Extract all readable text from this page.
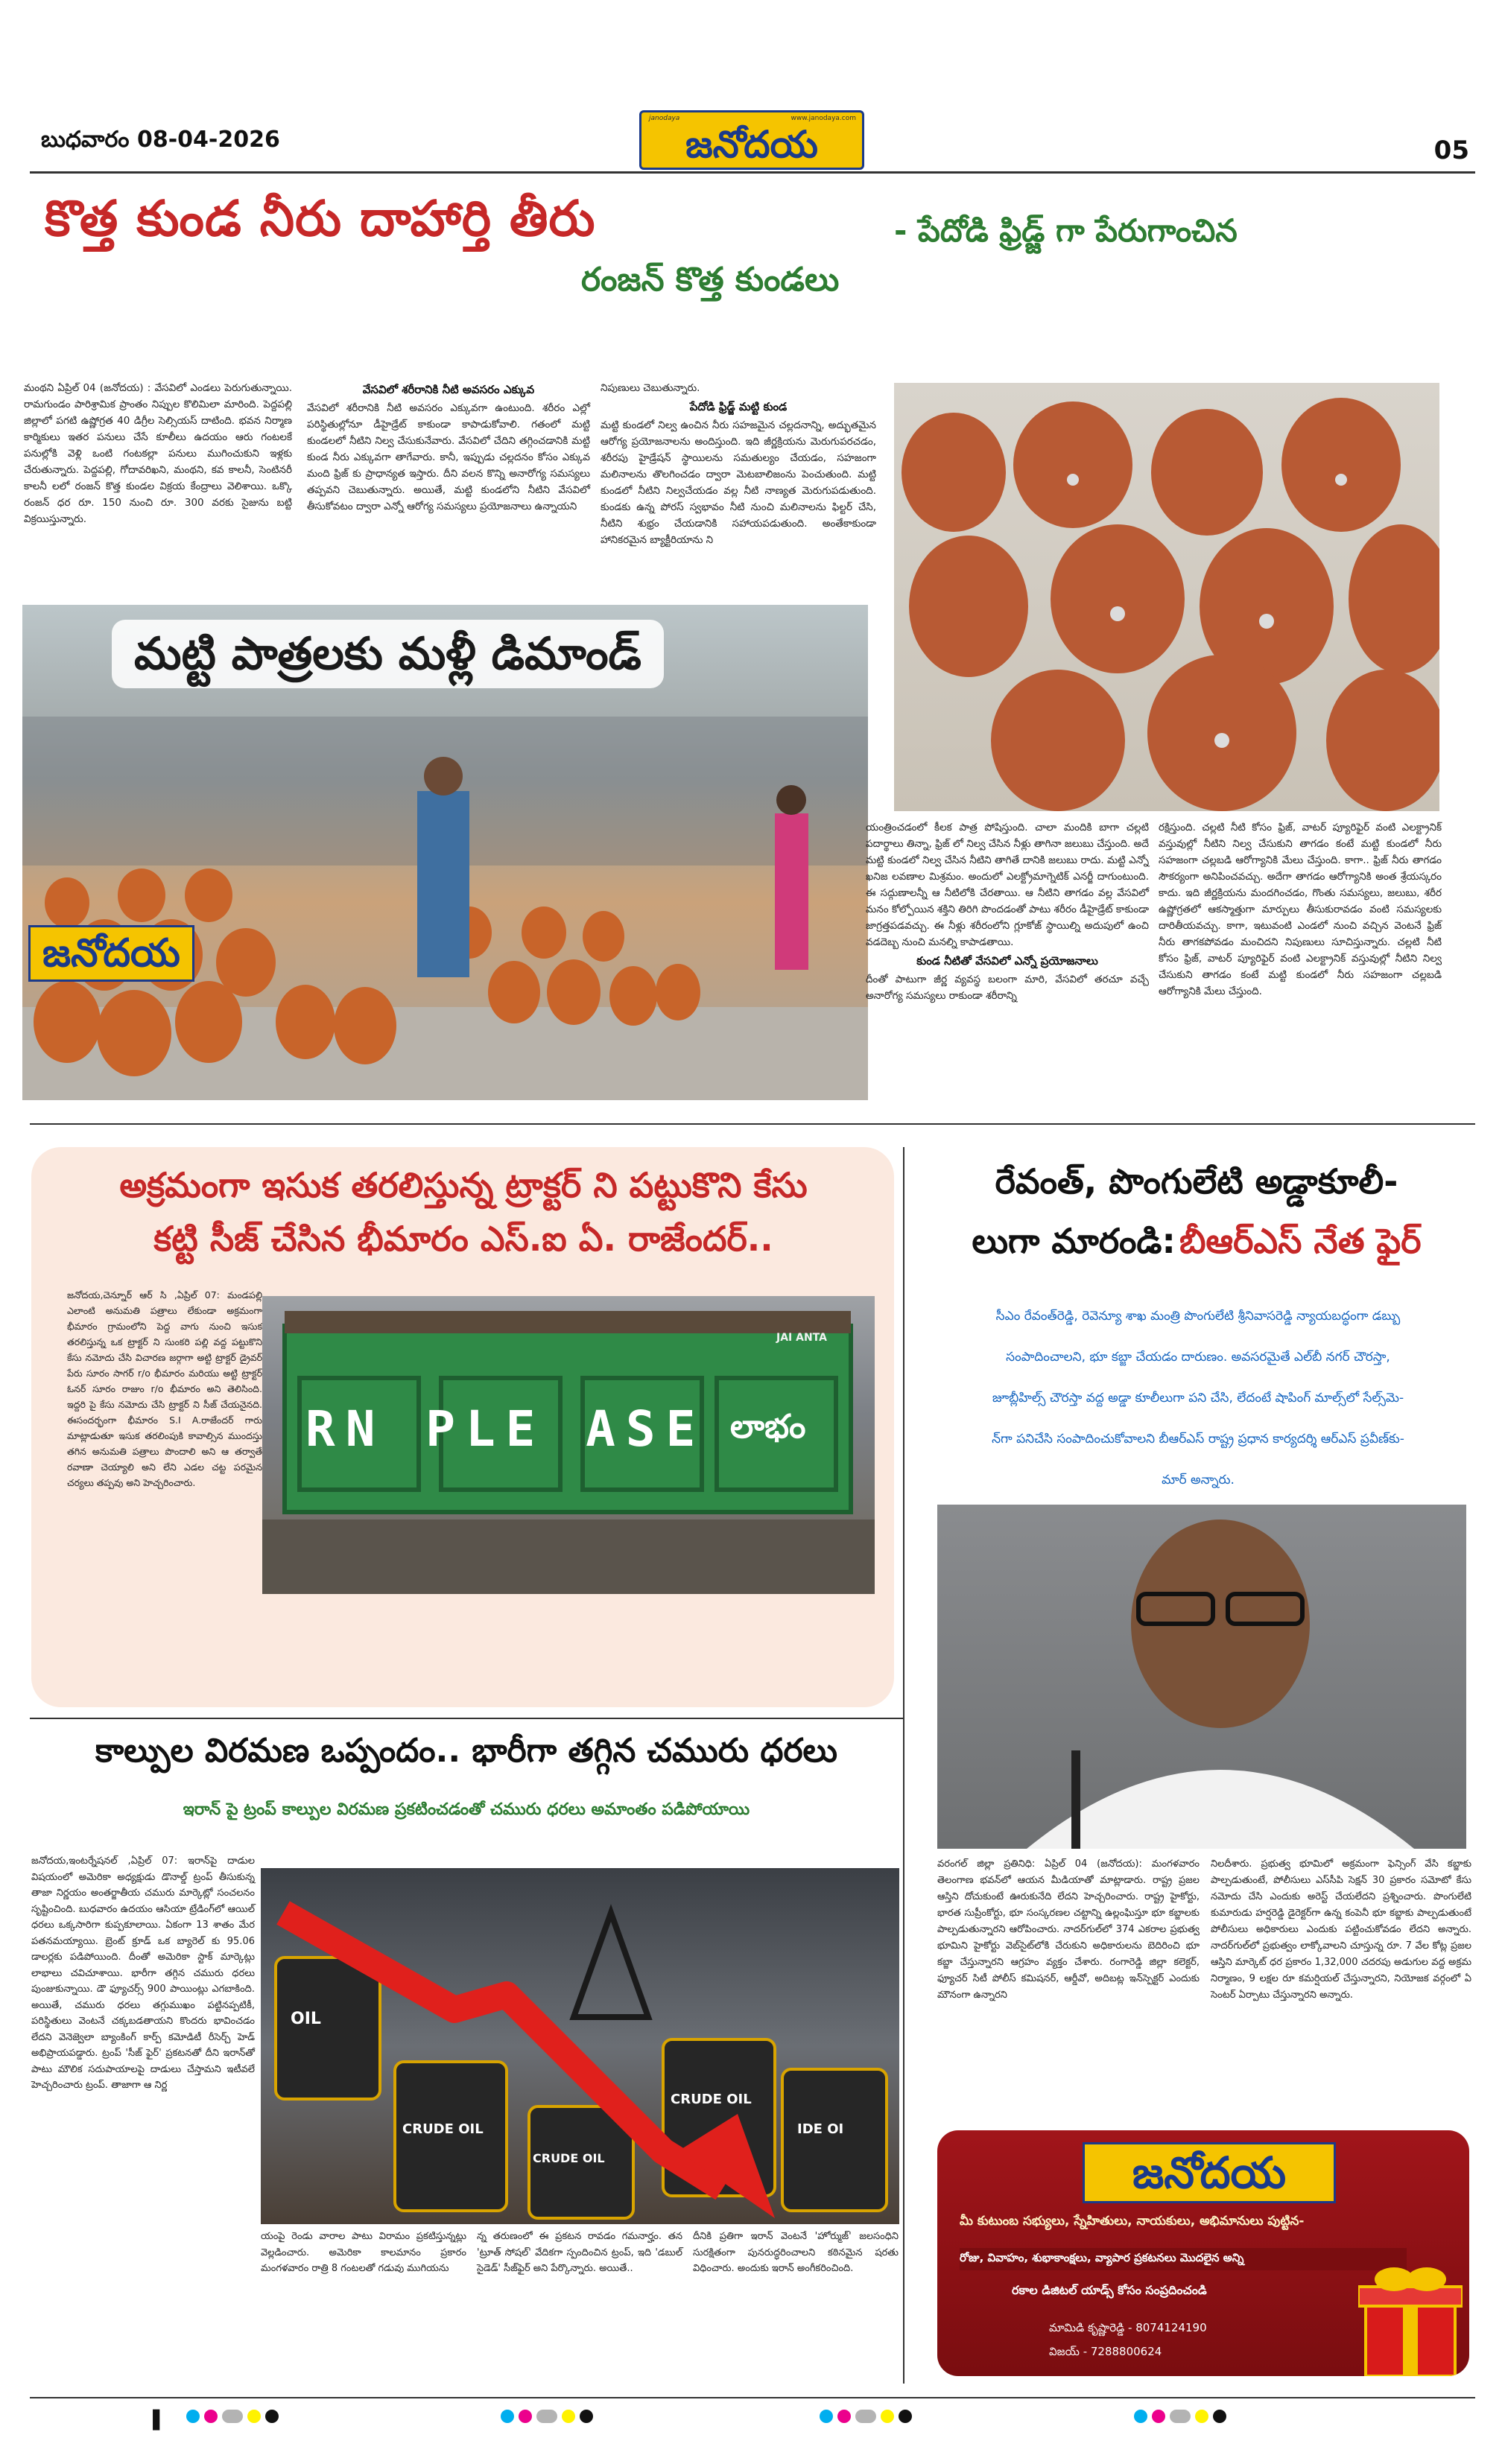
బుధవారం 08-04-2026
www.janodaya.com
janodaya
జనోదయ	05
కొత్త కుండ నీరు దాహార్తి తీరు	- పేదోడి ఫ్రిడ్జ్ గా పేరుగాంచిన
రంజన్ కొత్త కుండలు

మంథని ఏప్రిల్ 04 (జనోదయ) : వేసవిలో ఎండలు పెరుగుతున్నాయి. రామగుండం పారిశ్రామిక ప్రాంతం నిప్పుల కొలిమిలా మారింది. పెద్దపల్లి జిల్లాలో పగటి ఉష్ణోగ్రత 40 డిగ్రీల సెల్సియస్ దాటింది. భవన నిర్మాణ కార్మికులు ఇతర పనులు చేసే కూలీలు ఉదయం ఆరు గంటలకే పనుల్లోకి వెళ్లి ఒంటి గంటకల్లా పనులు ముగించుకుని ఇళ్లకు చేరుతున్నారు. పెద్దపల్లి, గోదావరిఖని, మంథని, కవ కాలనీ, సెంటినరీ కాలనీ లలో రంజన్ కొత్త కుండల విక్రయ కేంద్రాలు వెలిశాయి. ఒక్కొ రంజన్ ధర రూ. 150 నుంచి రూ. 300 వరకు సైజును బట్టి విక్రయిస్తున్నారు.

వేసవిలో శరీరానికి నీటి అవసరం ఎక్కువ

వేసవిలో శరీరానికి నీటి అవసరం ఎక్కువగా ఉంటుంది. శరీరం ఎల్లో పరిస్థితుల్లోనూ డీహైడ్రేట్ కాకుండా కాపాడుకోవాలి. గతంలో మట్టి కుండలలో నీటిని నిల్వ చేసుకునేవారు. వేసవిలో చేదిని తగ్గించడానికి మట్టి కుండ నీరు ఎక్కువగా తాగేవారు. కానీ, ఇప్పుడు చల్లదనం కోసం ఎక్కువ మంది ఫ్రిజ్ కు ప్రాధాన్యత ఇస్తారు. దీని వలన కొన్ని అనారోగ్య సమస్యలు తప్పవని చెబుతున్నారు. అయితే, మట్టి కుండలోని నీటిని వేసవిలో తీసుకోవటం ద్వారా ఎన్నో ఆరోగ్య సమస్యలు ప్రయోజనాలు ఉన్నాయని

నిపుణులు చెబుతున్నారు.

పేదోడి ఫ్రిడ్జ్ మట్టి కుండ

మట్టి కుండలో నిల్వ ఉంచిన నీరు సహజమైన చల్లదనాన్ని, అద్భుతమైన ఆరోగ్య ప్రయోజనాలను అందిస్తుంది. ఇది జీర్ణక్రియను మెరుగుపరచడం, శరీరపు హైడ్రేషన్ స్థాయిలను సమతుల్యం చేయడం, సహజంగా మలినాలను తొలగించడం ద్వారా మెటబాలిజంను పెంచుతుంది. మట్టి కుండలో నీటిని నిల్వచేయడం వల్ల నీటి నాణ్యత మెరుగుపడుతుంది. కుండకు ఉన్న పోరస్ స్వభావం నీటి నుంచి మలినాలను ఫిల్టర్ చేసి, నీటిని శుభ్రం చేయడానికి సహాయపడుతుంది. అంతేకాకుండా హానికరమైన బ్యాక్టీరియాను ని

మట్టి పాత్రలకు మళ్లీ డిమాండ్
జనోదయ

యంత్రించడంలో కీలక పాత్ర పోషిస్తుంది. చాలా మందికి బాగా చల్లటి పదార్థాలు తిన్నా, ఫ్రిజ్ లో నిల్వ చేసిన నీళ్లు తాగినా జలుబు చేస్తుంది. అదే మట్టి కుండలో నిల్వ చేసిన నీటిని తాగితే దానికి జలుబు రాదు. మట్టి ఎన్నో ఖనిజ లవణాల మిశ్రమం. అందులో ఎలక్ట్రోమాగ్నెటిక్ ఎనర్జీ దాగుంటుంది. ఈ సద్గుణాలన్నీ ఆ నీటిలోకి చేరతాయి. ఆ నీటిని తాగడం వల్ల వేసవిలో మనం కోల్పోయిన శక్తిని తిరిగి పొందడంతో పాటు శరీరం డీహైడ్రేట్ కాకుండా జాగ్రత్తపడవచ్చు. ఈ నీళ్లు శరీరంలోని గ్లూకోజ్ స్థాయిల్ని అదుపులో ఉంచి వడదెబ్బ నుంచి మనల్ని కాపాడతాయి.

కుండ నీటితో వేసవిలో ఎన్నో ప్రయోజనాలు

దీంతో పాటుగా జీర్ణ వ్యవస్థ బలంగా మారి, వేసవిలో తరచూ వచ్చే అనారోగ్య సమస్యలు రాకుండా శరీరాన్ని

రక్షిస్తుంది. చల్లటి నీటి కోసం ఫ్రిజ్, వాటర్ ప్యూరిఫైర్ వంటి ఎలక్ట్రానిక్ వస్తువుల్లో నీటిని నిల్వ చేసుకుని తాగడం కంటే మట్టి కుండలో నీరు సహజంగా చల్లబడి ఆరోగ్యానికి మేలు చేస్తుంది. కాగా.. ఫ్రిజ్ నీరు తాగడం సౌకర్యంగా అనిపించవచ్చు. అదేగా తాగడం ఆరోగ్యానికి అంత శ్రేయస్కరం కాదు. ఇది జీర్ణక్రియను మందగించడం, గొంతు సమస్యలు, జలుబు, శరీర ఉష్ణోగ్రతలో ఆకస్మాత్తుగా మార్పులు తీసుకురావడం వంటి సమస్యలకు దారితీయవచ్చు. కాగా, ఇటువంటి ఎండలో నుంచి వచ్చిన వెంటనే ఫ్రిజ్ నీరు తాగకపోవడం మంచిదని నిపుణులు సూచిస్తున్నారు. చల్లటి నీటి కోసం ఫ్రిజ్, వాటర్ ప్యూరిఫైర్ వంటి ఎలక్ట్రానిక్ వస్తువుల్లో నీటిని నిల్వ చేసుకుని తాగడం కంటే మట్టి కుండలో నీరు సహజంగా చల్లబడి ఆరోగ్యానికి మేలు చేస్తుంది.

అక్రమంగా ఇసుక తరలిస్తున్న ట్రాక్టర్ ని పట్టుకొని కేసు
కట్టి సీజ్ చేసిన భీమారం ఎస్.ఐ ఏ. రాజేందర్..
జనోదయ,చెన్నూర్ ఆర్ సి ,ఏప్రిల్ 07: మండపల్లి ఎలాంటి అనుమతి పత్రాలు లేకుండా అక్రమంగా భీమారం గ్రామంలోని పెద్ద వాగు నుంచి ఇసుక తరలిస్తున్న ఒక ట్రాక్టర్ ని సుంకరి పల్లి వద్ద పట్టుకొని కేసు నమోదు చేసి విచారణ జర్గాగా అట్టి ట్రాక్టర్ డ్రైవర్ పేరు సూరం సాగర్ r/o భీమారం మరియు అట్టి ట్రాక్టర్ ఓనర్ సూరం రాజుం r/o భీమారం అని తెలిసింది. ఇద్దరి పై కేసు నమోదు చేసి ట్రాక్టర్ ని సీజ్ చేయనైనది. ఈసందర్భంగా భీమారం S.I A.రాజేందర్ గారు మాట్లాడుతూ ఇసుక తరలింపుకి కావాల్సిన ముందస్తు తగిన అనుమతి పత్రాలు పొందాలి అని ఆ తర్వాతే రవాణా చెయ్యాలి అని లేని ఎడల చట్ట పరమైన చర్యలు తప్పవు అని హెచ్చరించారు.
JAI ANTA
RN PLE ASE లాభం
రేవంత్, పొంగులేటి అడ్డాకూలీ-
లుగా మారండి: బీఆర్ఎస్ నేత ఫైర్
సీఎం రేవంత్‌రెడ్డి, రెవెన్యూ శాఖ మంత్రి పొంగులేటి శ్రీనివాసరెడ్డి న్యాయబద్ధంగా డబ్బు
సంపాదించాలని, భూ కబ్జా చేయడం దారుణం. అవసరమైతే ఎల్‌బీ నగర్ చౌరస్తా,
జూబ్లీహిల్స్ చౌరస్తా వద్ద అడ్డా కూలీలుగా పని చేసి, లేదంటే షాపింగ్ మాల్స్‌లో సేల్స్‌మె-
న్‌గా పనిచేసి సంపాదించుకోవాలని బీఆర్ఎస్ రాష్ట్ర ప్రధాన కార్యదర్శి ఆర్ఎస్ ప్రవీణ్‌కు-
మార్ అన్నారు.
వరంగల్ జిల్లా ప్రతినిధి: ఏప్రిల్ 04 (జనోదయ): మంగళవారం తెలంగాణ భవన్‌లో ఆయన మీడియాతో మాట్లాడారు. రాష్ట్ర ప్రజల ఆస్తిని దోచుకుంటే ఊరుకునేది లేదని హెచ్చరించారు. రాష్ట్ర హైకోర్టు, భారత సుప్రీంకోర్టు, భూ సంస్కరణల చట్టాన్ని ఉల్లంఘిస్తూ భూ కబ్జాలకు పాల్పడుతున్నారని ఆరోపించారు. నాదర్‌గుల్‌లో 374 ఎకరాల ప్రభుత్వ భూమిని హైకోర్టు వెబ్‌సైట్‌లోకి చేరుకుని అధికారులను బెదిరించి భూ కబ్జా చేస్తున్నారని ఆగ్రహం వ్యక్తం చేశారు. రంగారెడ్డి జిల్లా కలెక్టర్, ఫ్యూచర్ సిటీ పోలీస్ కమిషనర్, ఆర్డీవో, అదిబట్ల ఇన్‌స్పెక్టర్ ఎందుకు మౌనంగా ఉన్నారని
నిలదీశారు. ప్రభుత్వ భూమిలో అక్రమంగా ఫెన్సింగ్ వేసి కబ్జాకు పాల్పడుతుంటే, పోలీసులు ఎస్‌సీపి సెక్షన్ 30 ప్రకారం సమోటో కేసు నమోదు చేసి ఎందుకు అరెస్ట్ చేయలేదని ప్రశ్నించారు. పొంగులేటి కుమారుడు హర్షరెడ్డి డైరెక్టర్‌గా ఉన్న కంపెనీ భూ కబ్జాకు పాల్పడుతుంటే పోలీసులు అధికారులు ఎందుకు పట్టించుకోవడం లేదని అన్నారు. నాదర్‌గుల్‌లో ప్రభుత్వం లాక్కోవాలని చూస్తున్న రూ. 7 వేల కోట్ల ప్రజల ఆస్తిని మార్కెట్ ధర ప్రకారం 1,32,000 చదరపు అడుగుల వద్ద అక్రమ నిర్మాణం, 9 లక్షల రూ కమర్షియల్ చేస్తున్నారని, నియోజక వర్గంలో ఏ సెంటర్ ఏర్పాటు చేస్తున్నారని అన్నారు.
జనోదయ
మీ కుటుంబ సభ్యులు, స్నేహితులు, నాయకులు, అభిమానులు పుట్టిన-
రోజు, వివాహం, శుభాకాంక్షలు, వ్యాపార ప్రకటనలు మొదలైన అన్ని
రకాల డిజిటల్ యాడ్స్ కోసం సంప్రదించండి
మామిడి కృష్ణారెడ్డి - 8074124190
విజయ్ - 7288800624
కాల్పుల విరమణ ఒప్పందం.. భారీగా తగ్గిన చమురు ధరలు
ఇరాన్ పై ట్రంప్ కాల్పుల విరమణ ప్రకటించడంతో చమురు ధరలు అమాంతం పడిపోయాయి
జనోదయ,ఇంటర్నేషనల్ ,ఏప్రిల్ 07: ఇరాన్‌పై దాడుల విషయంలో అమెరికా అధ్యక్షుడు డొనాల్డ్ ట్రంప్ తీసుకున్న తాజా నిర్ణయం అంతర్జాతీయ చమురు మార్కెట్లో సంచలనం సృష్టించింది. బుధవారం ఉదయం ఆసియా ట్రేడింగ్‌లో ఆయిల్ ధరలు ఒక్కసారిగా కుప్పకూలాయి. ఏకంగా 13 శాతం మేర పతనమయ్యాయి. బ్రెంట్ క్రూడ్ ఒక బ్యారెల్ కు 95.06 డాలర్లకు పడిపోయింది. దీంతో అమెరికా స్టాక్ మార్కెట్లు లాభాలు చవిచూశాయి. భారీగా తగ్గిన చమురు ధరలు పుంజుకున్నాయి. డౌ ఫ్యూచర్స్ 900 పాయింట్లు ఎగబాకింది. అయితే, చమురు ధరలు తగ్గుముఖం పట్టినప్పటికీ, పరిస్థితులు వెంటనే చక్కబడతాయని కొందరు భావించడం లేదని వెనెజ్వెలా బ్యాంకింగ్ కార్ప్ కమోడిటీ రీసెర్చ్ హెడ్ అభిప్రాయపడ్డారు. ట్రంప్ 'సీజ్ ఫైర్' ప్రకటనతో దీని ఇరాన్‌తో పాటు మౌలిక సదుపాయాలపై దాడులు చేస్తామని ఇటీవలే హెచ్చరించారు ట్రంప్. తాజాగా ఆ నిర్ణ
CRUDE OIL
CRUDE OIL
CRUDE OIL
OIL
IDE OI
యంపై రెండు వారాల పాటు విరామం ప్రకటిస్తున్నట్లు వెల్లడించారు. అమెరికా కాలమానం ప్రకారం మంగళవారం రాత్రి 8 గంటలతో గడువు ముగియను
న్న తరుణంలో ఈ ప్రకటన రావడం గమనార్హం. తన 'ట్రూత్ సోషల్' వేదికగా స్పందించిన ట్రంప్, ఇది 'డబుల్ సైడెడ్' సీజ్‌ఫైర్ అని పేర్కొన్నారు. అయితే..
దీనికి ప్రతిగా ఇరాన్ వెంటనే 'హోర్ముజ్' జలసంధిని సురక్షితంగా పునరుద్ధరించాలని కఠినమైన షరతు విధించారు. అందుకు ఇరాన్ అంగీకరించింది.
❚
